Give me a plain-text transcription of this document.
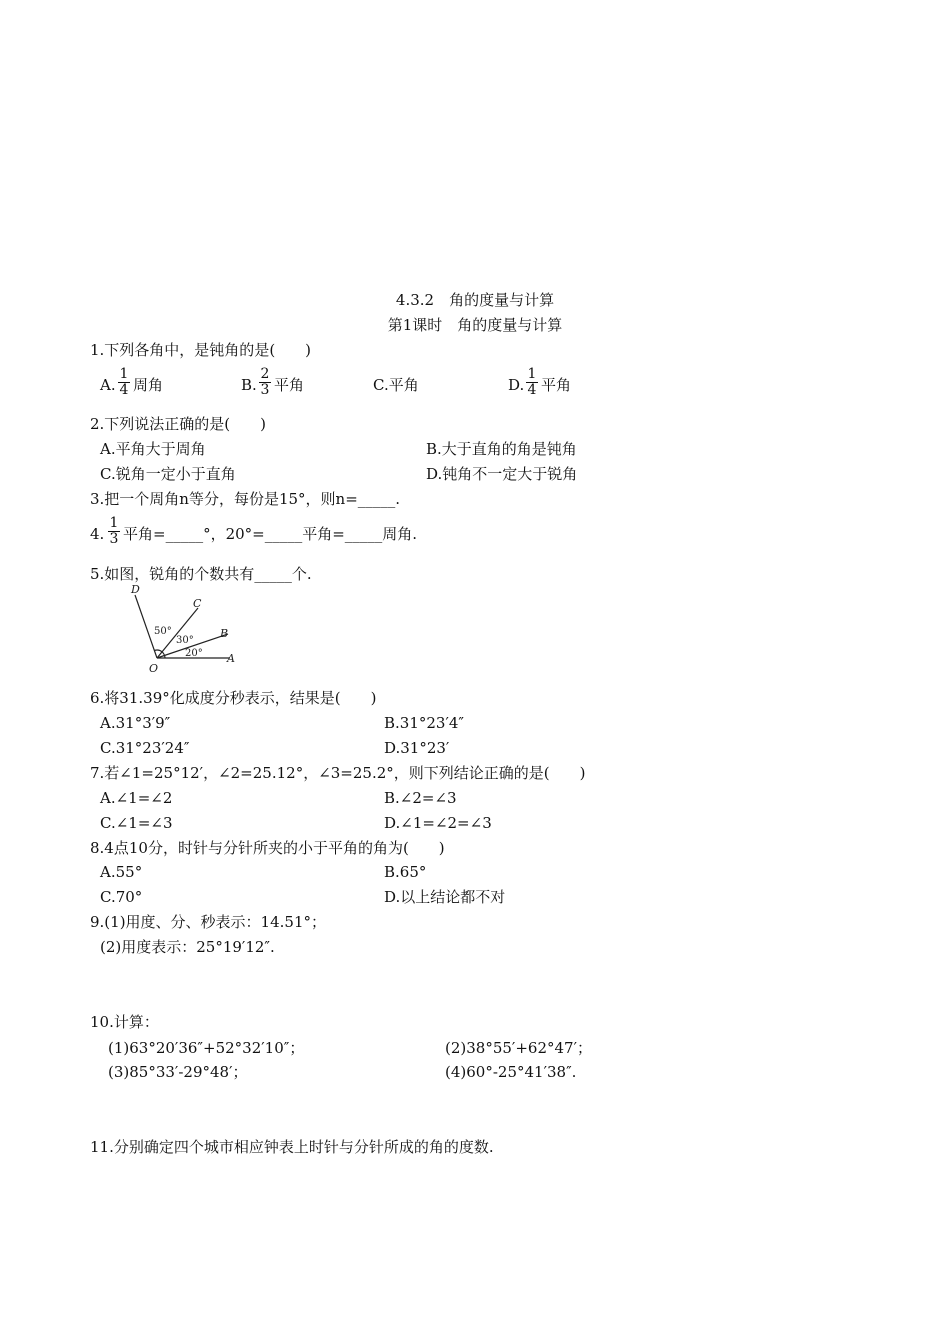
4.3.2　角的度量与计算
第1课时　角的度量与计算
1.下列各角中，是钝角的是(　　)
A.
1
4 周角	B.
2
3 平角	C.平角	D.
1
4 平角
2.下列说法正确的是(　　)
A.平角大于周角	B.大于直角的角是钝角
C.锐角一定小于直角	D.钝角不一定大于锐角
3.把一个周角n等分，每份是15°，则n=_____.
4.
1
3 平角=_____°，20°=_____平角=_____周角.
5.如图，锐角的个数共有_____个.
D
C
B
A
O
50°
30°
20°
6.将31.39°化成度分秒表示，结果是(　　)
A.31°3′9″	B.31°23′4″
C.31°23′24″	D.31°23′
7.若∠1=25°12′，∠2=25.12°，∠3=25.2°，则下列结论正确的是(　　)
A.∠1=∠2	B.∠2=∠3
C.∠1=∠3	D.∠1=∠2=∠3
8.4点10分，时针与分针所夹的小于平角的角为(　　)
A.55°	B.65°
C.70°	D.以上结论都不对
9.(1)用度、分、秒表示：14.51°；
(2)用度表示：25°19′12″.
10.计算：
(1)63°20′36″+52°32′10″；	(2)38°55′+62°47′；
(3)85°33′-29°48′；	(4)60°-25°41′38″.
11.分别确定四个城市相应钟表上时针与分针所成的角的度数.
